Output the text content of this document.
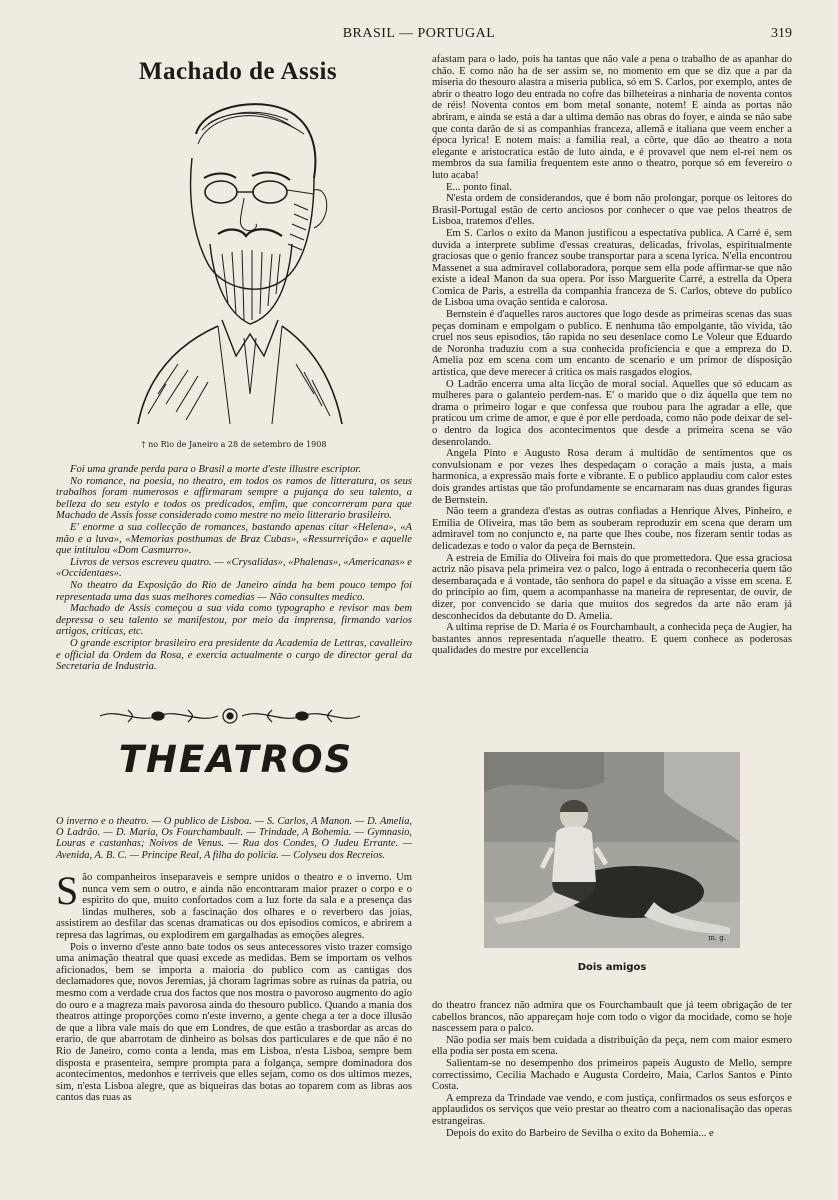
BRASIL — PORTUGAL	319
Machado de Assis
† no Rio de Janeiro a 28 de setembro de 1908

Foi uma grande perda para o Brasil a morte d'este illustre escriptor.

No romance, na poesia, no theatro, em todos os ramos de litteratura, os seus trabalhos foram numerosos e affirmaram sempre a pujança do seu talento, a belleza do seu estylo e todos os predicados, emfim, que concorreram para que Machado de Assis fosse considerado como mestre no meio litterario brasileiro.

E' enorme a sua collecção de romances, bastando apenas citar «Helena», «A mão e a luva», «Memorias posthumas de Braz Cubas», «Ressurreição» e aquelle que intitulou «Dom Casmurro».

Livros de versos escreveu quatro. — «Crysalidas», «Phalenas», «Americanas» e «Occidentaes».

No theatro da Exposição do Rio de Janeiro ainda ha bem pouco tempo foi representada uma das suas melhores comedias — Não consultes medico.

Machado de Assis começou a sua vida como typographo e revisor mas bem depressa o seu talento se manifestou, por meio da imprensa, firmando varios artigos, criticas, etc.

O grande escriptor brasileiro era presidente da Academia de Lettras, cavalleiro e official da Ordem da Rosa, e exercia actualmente o cargo de director geral da Secretaria de Industria.

THEATROS
O inverno e o theatro. — O publico de Lisboa. — S. Carlos, A Manon. — D. Amelia, O Ladrão. — D. Maria, Os Fourchambault. — Trindade, A Bohemia. — Gymnasio, Louras e castanhas; Noivos de Venus. — Rua dos Condes, O Judeu Errante. — Avenida, A. B. C. — Principe Real, A filha do policia. — Colyseu dos Recreios.
S ão companheiros inseparaveis e sempre unidos o theatro e o inverno. Um nunca vem sem o outro, e ainda não encontraram maior prazer o corpo e o espirito do que, muito confortados com a luz forte da sala e a presença das lindas mulheres, sob a fascinação dos olhares e o reverbero das joias, assistirem ao desfilar das scenas dramaticas ou dos episodios comicos, e abrirem a represa das lagrimas, ou explodirem em gargalhadas as emoções alegres.

Pois o inverno d'este anno bate todos os seus antecessores visto trazer comsigo uma animação theatral que quasi excede as medidas. Bem se importam os velhos aficionados, bem se importa a maioria do publico com as cantigas dos declamadores que, novos Jeremias, já choram lagrimas sobre as ruinas da patria, ou mesmo com a verdade crua dos factos que nos mostra o pavoroso augmento do agio do ouro e a magreza mais pavorosa ainda do thesouro publico. Quando a mania dos theatros attinge proporções como n'este inverno, a gente chega a ter a doce illusão de que a libra vale mais do que em Londres, de que estão a trasbordar as arcas do erario, de que abarrotam de dinheiro as bolsas dos particulares e de que não é no Rio de Janeiro, como conta a lenda, mas em Lisboa, n'esta Lisboa, sempre bem disposta e prasenteira, sempre prompta para a folgança, sempre dominadora dos acontecimentos, medonhos e terriveis que elles sejam, como os dos ultimos mezes, sim, n'esta Lisboa alegre, que as biqueiras das botas ao toparem com as libras aos cantos das ruas as

afastam para o lado, pois ha tantas que não vale a pena o trabalho de as apanhar do chão. E como não ha de ser assim se, no momento em que se diz que a par da miseria do thesouro alastra a miseria publica, só em S. Carlos, por exemplo, antes de abrir o theatro logo deu entrada no cofre das bilheteiras a ninharia de noventa contos de réis! Noventa contos em bom metal sonante, notem! E ainda as portas não abriram, e ainda se está a dar a ultima demão nas obras do foyer, e ainda se não sabe que conta darão de si as companhias franceza, allemã e italiana que veem encher a época lyrica! E notem mais: a familia real, a côrte, que dão ao theatro a nota elegante e aristocratica estão de luto ainda, e é provavel que nem el-rei nem os membros da sua familia frequentem este anno o theatro, porque só em fevereiro o luto acaba!

E... ponto final.

N'esta ordem de considerandos, que é bom não prolongar, porque os leitores do Brasil-Portugal estão de certo anciosos por conhecer o que vae pelos theatros de Lisboa, tratemos d'elles.

Em S. Carlos o exito da Manon justificou a espectativa publica. A Carré é, sem duvida a interprete sublime d'essas creaturas, delicadas, frivolas, espiritualmente graciosas que o genio francez soube transportar para a scena lyrica. N'ella encontrou Massenet a sua admiravel collaboradora, porque sem ella pode affirmar-se que não existe a ideal Manon da sua opera. Por isso Marguerite Carré, a estrella da Opera Comica de Paris, a estrella da companhia franceza de S. Carlos, obteve do publico de Lisboa uma ovação sentida e calorosa.

Bernstein é d'aquelles raros auctores que logo desde as primeiras scenas das suas peças dominam e empolgam o publico. E nenhuma tão empolgante, tão vivida, tão cruel nos seus episodios, tão rapida no seu desenlace como Le Voleur que Eduardo de Noronha traduziu com a sua conhecida proficiencia e que a empreza do D. Amelia poz em scena com um encanto de scenario e um primor de disposição artistica, que deve merecer á critica os mais rasgados elogios.

O Ladrão encerra uma alta licção de moral social. Aquelles que só educam as mulheres para o galanteio perdem-nas. E' o marido que o diz áquella que tem no drama o primeiro logar e que confessa que roubou para lhe agradar a elle, que praticou um crime de amor, e que é por elle perdoada, como não pode deixar de sel-o dentro da logica dos acontecimentos que desde a primeira scena se vão desenrolando.

Angela Pinto e Augusto Rosa deram á multidão de sentimentos que os convulsionam e por vezes lhes despedaçam o coração a mais justa, a mais harmonica, a expressão mais forte e vibrante. E o publico applaudiu com calor estes dois grandes artistas que tão profundamente se encarnaram nas duas grandes figuras de Bernstein.

Não teem a grandeza d'estas as outras confiadas a Henrique Alves, Pinheiro, e Emilia de Oliveira, mas tão bem as souberam reproduzir em scena que deram um admiravel tom no conjuncto e, na parte que lhes coube, nos fizeram sentir todas as delicadezas e todo o valor da peça de Bernstein.

A estreia de Emilia do Oliveira foi mais do que promettedora. Que essa graciosa actriz não pisava pela primeira vez o palco, logo á entrada o reconheceria quem tão desembaraçada e á vontade, tão senhora do papel e da situação a visse em scena. E do principio ao fim, quem a acompanhasse na maneira de representar, de ouvir, de dizer, por convencido se daria que muitos dos segredos da arte não eram já desconhecidos da debutante do D. Amelia.

A ultima reprise de D. Maria é os Fourchambault, a conhecida peça de Augier, ha bastantes annos representada n'aquelle theatro. E quem conhece as poderosas qualidades do mestre por excellencia

m. g.
Dois amigos

do theatro francez não admira que os Fourchambault que já teem obrigação de ter cabellos brancos, não appareçam hoje com todo o vigor da mocidade, como se hoje nascessem para o palco.

Não podia ser mais bem cuidada a distribuição da peça, nem com maior esmero ella podia ser posta em scena.

Salientam-se no desempenho dos primeiros papeis Augusto de Mello, sempre correctissimo, Cecilia Machado e Augusta Cordeiro, Maia, Carlos Santos e Pinto Costa.

A empreza da Trindade vae vendo, e com justiça, confirmados os seus esforços e applaudidos os serviços que veio prestar ao theatro com a nacionalisação das operas estrangeiras.

Depois do exito do Barbeiro de Sevilha o exito da Bohemia... e
